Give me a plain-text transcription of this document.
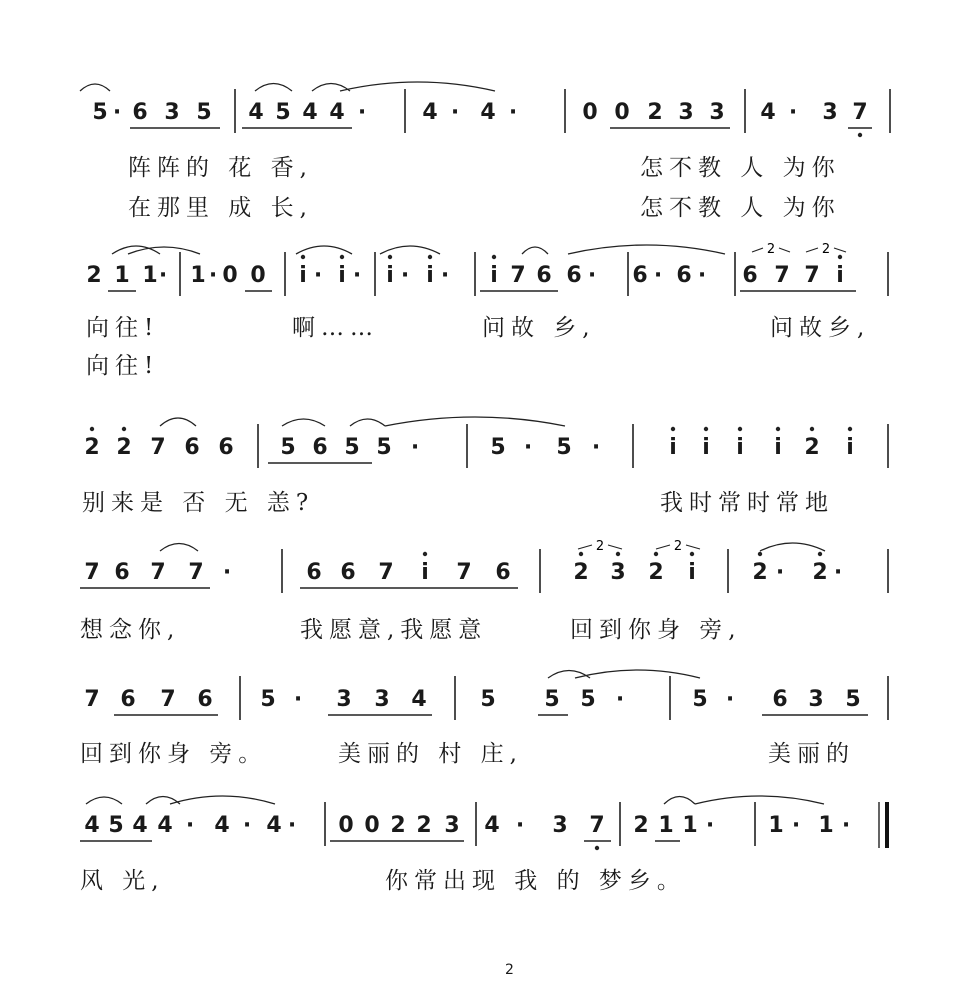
5 · 6 3 5 4 5 4 4 ·	4 · 4 ·	0 0 2 3 3 4 · 3 7
阵阵的 花 香,	怎不教 人 为你
在那里 成 长,	怎不教 人 为你
2 1 1 · 1 · 0 0 i · i · i · i · i 7 6 6 · 6 · 6 · 6 7 7 i
向往!	啊……	问故 乡,	问故乡,
向往!
2	2
2 2 7 6 6 5 6 5 5 ·	5 · 5 ·	i i i i 2 i
别来是 否 无 恙?	我时常时常地
7 6 7 7 ·	6 6 7 i 7 6	2 3 2 i	2 · 2 ·
想念你,	我愿意,我愿意	回到你身 旁,
2	2
7 6 7 6 5 · 3 3 4 5 5 5 ·	5 · 6 3 5
回到你身 旁。	美丽的 村 庄,	美丽的
4 5 4 4 · 4 · 4 · 0 0 2 2 3 4 · 3 7 2 1 1 · 1 · 1 ·
风 光,	你常出现 我 的 梦乡。
2
